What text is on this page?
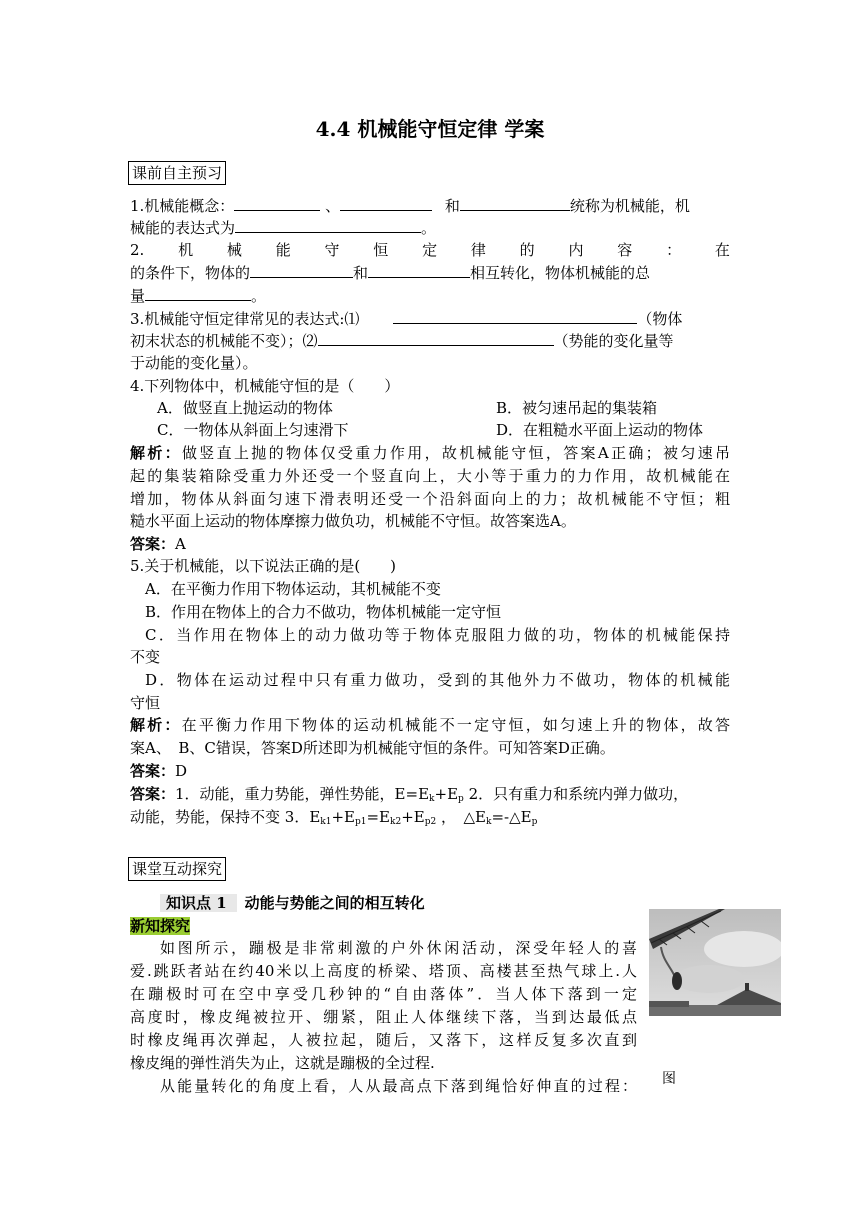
4.4 机械能守恒定律 学案
课前自主预习
1.机械能概念：	、	和	统称为机械能，机
械能的表达式为	。
2. 机 械 能 守 恒 定 律 的 内 容 ： 在
的条件下，物体的	和	相互转化，物体机械能的总
量	。
3.机械能守恒定律常见的表达式:⑴	（物体
初末状态的机械能不变）；⑵	（势能的变化量等
于动能的变化量）。
4.下列物体中，机械能守恒的是（　　）
A．做竖直上抛运动的物体	B．被匀速吊起的集装箱
C．一物体从斜面上匀速滑下	D．在粗糙水平面上运动的物体
解析：做竖直上抛的物体仅受重力作用，故机械能守恒，答案A正确；被匀速吊
起的集装箱除受重力外还受一个竖直向上，大小等于重力的力作用，故机械能在
增加，物体从斜面匀速下滑表明还受一个沿斜面向上的力；故机械能不守恒；粗
糙水平面上运动的物体摩擦力做负功，机械能不守恒。故答案选A。
答案：A
5.关于机械能，以下说法正确的是(　　)
A．在平衡力作用下物体运动，其机械能不变
B．作用在物体上的合力不做功，物体机械能一定守恒
C．当作用在物体上的动力做功等于物体克服阻力做的功，物体的机械能保持
不变
D．物体在运动过程中只有重力做功，受到的其他外力不做功，物体的机械能
守恒
解析：在平衡力作用下物体的运动机械能不一定守恒，如匀速上升的物体，故答
案A、　B、C错误，答案D所述即为机械能守恒的条件。可知答案D正确。
答案：D
答案：1．动能，重力势能，弹性势能，$E=E_k+E_p$ 2．只有重力和系统内弹力做功，
动能，势能，保持不变 3．$E_{k1}+E_{p1}=E_{k2}+E_{p2}$ ，　$\triangle E_k=-\triangle E_p$
课堂互动探究
知识点 1 动能与势能之间的相互转化
新知探究
如图所示，蹦极是非常刺激的户外休闲活动，深受年轻人的喜
爱.跳跃者站在约40米以上高度的桥梁、塔顶、高楼甚至热气球上.人
在蹦极时可在空中享受几秒钟的“自由落体”．当人体下落到一定
高度时，橡皮绳被拉开、绷紧，阻止人体继续下落，当到达最低点
时橡皮绳再次弹起，人被拉起，随后，又落下，这样反复多次直到
橡皮绳的弹性消失为止，这就是蹦极的全过程.
从能量转化的角度上看，人从最高点下落到绳恰好伸直的过程： 图
